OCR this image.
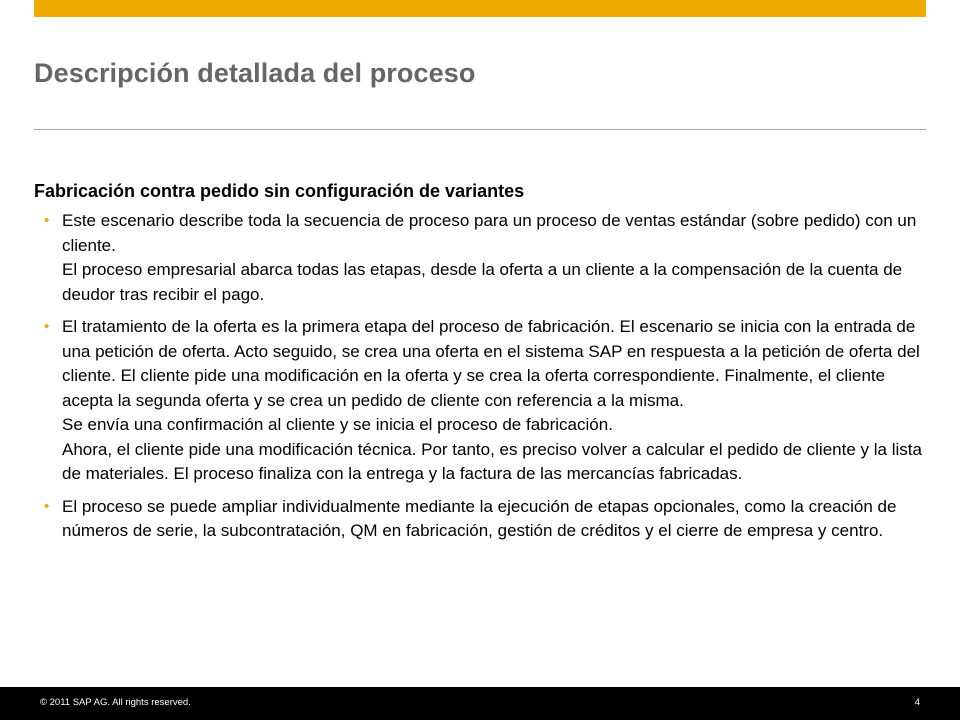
Descripción detallada del proceso
Fabricación contra pedido sin configuración de variantes
• Este escenario describe toda la secuencia de proceso para un proceso de ventas estándar (sobre pedido) con un cliente.
El proceso empresarial abarca todas las etapas, desde la oferta a un cliente a la compensación de la cuenta de deudor tras recibir el pago.
• El tratamiento de la oferta es la primera etapa del proceso de fabricación. El escenario se inicia con la entrada de una petición de oferta. Acto seguido, se crea una oferta en el sistema SAP en respuesta a la petición de oferta del cliente. El cliente pide una modificación en la oferta y se crea la oferta correspondiente. Finalmente, el cliente acepta la segunda oferta y se crea un pedido de cliente con referencia a la misma.
Se envía una confirmación al cliente y se inicia el proceso de fabricación.
Ahora, el cliente pide una modificación técnica. Por tanto, es preciso volver a calcular el pedido de cliente y la lista de materiales. El proceso finaliza con la entrega y la factura de las mercancías fabricadas.
• El proceso se puede ampliar individualmente mediante la ejecución de etapas opcionales, como la creación de números de serie, la subcontratación, QM en fabricación, gestión de créditos y el cierre de empresa y centro.
© 2011 SAP AG. All rights reserved.	4
